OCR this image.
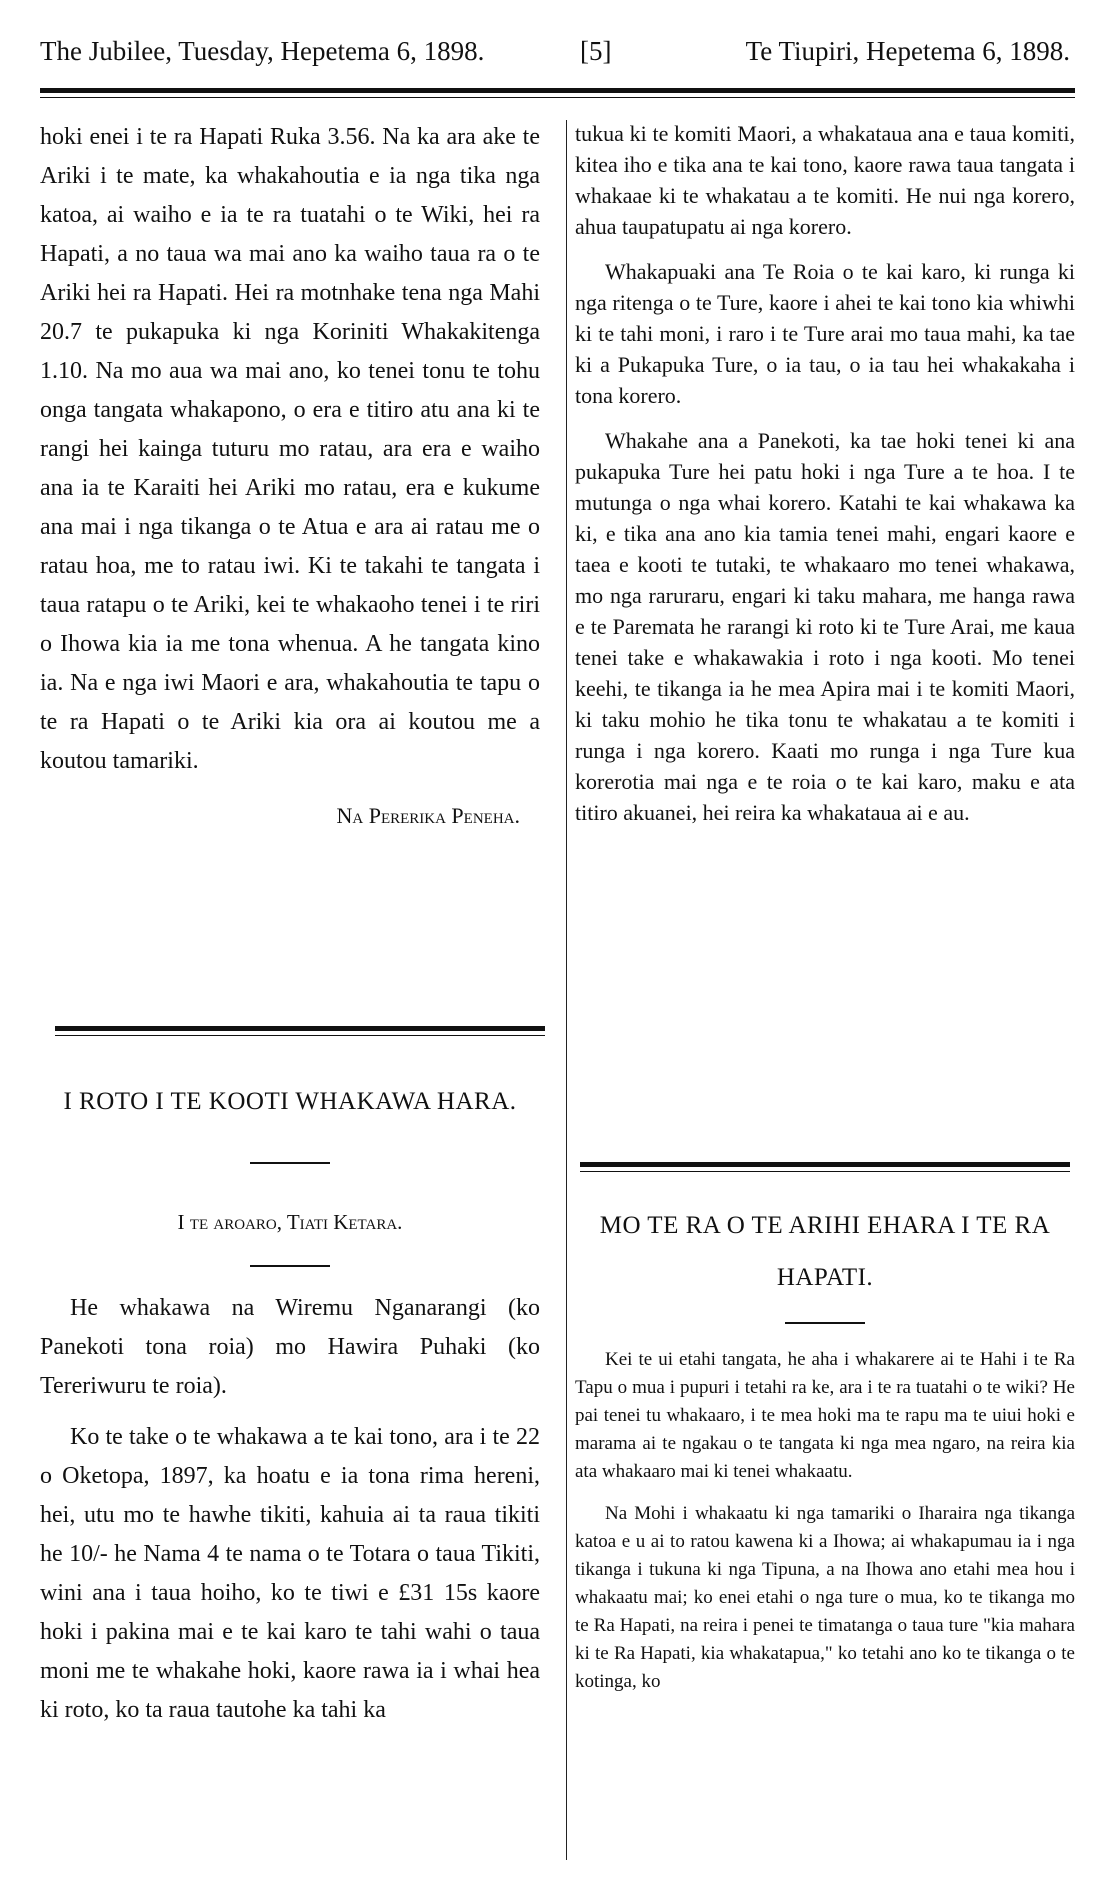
The Jubilee, Tuesday, Hepetema 6, 1898.	[5]	Te Tiupiri, Hepetema 6, 1898.

hoki enei i te ra Hapati Ruka 3.56. Na ka ara ake te Ariki i te mate, ka whakahoutia e ia nga tika nga katoa, ai waiho e ia te ra tuatahi o te Wiki, hei ra Hapati, a no taua wa mai ano ka waiho taua ra o te Ariki hei ra Hapati. Hei ra motnhake tena nga Mahi 20.7 te pukapuka ki nga Koriniti Whakakitenga 1.10. Na mo aua wa mai ano, ko tenei tonu te tohu onga tangata whakapono, o era e titiro atu ana ki te rangi hei kainga tuturu mo ratau, ara era e waiho ana ia te Karaiti hei Ariki mo ratau, era e kukume ana mai i nga tikanga o te Atua e ara ai ratau me o ratau hoa, me to ratau iwi. Ki te takahi te tangata i taua ratapu o te Ariki, kei te whakaoho tenei i te riri o Ihowa kia ia me tona whenua. A he tangata kino ia. Na e nga iwi Maori e ara, whakahoutia te tapu o te ra Hapati o te Ariki kia ora ai koutou me a koutou tamariki.

Na Pererika Peneha.

I ROTO I TE KOOTI WHAKAWA HARA.
I te aroaro, Tiati Ketara.

He whakawa na Wiremu Nganarangi (ko Panekoti tona roia) mo Hawira Puhaki (ko Tereriwuru te roia).

Ko te take o te whakawa a te kai tono, ara i te 22 o Oketopa, 1897, ka hoatu e ia tona rima hereni, hei, utu mo te hawhe tikiti, kahuia ai ta raua tikiti he 10/- he Nama 4 te nama o te Totara o taua Tikiti, wini ana i taua hoiho, ko te tiwi e £31 15s kaore hoki i pakina mai e te kai karo te tahi wahi o taua moni me te whakahe hoki, kaore rawa ia i whai hea ki roto, ko ta raua tautohe ka tahi ka

tukua ki te komiti Maori, a whakataua ana e taua komiti, kitea iho e tika ana te kai tono, kaore rawa taua tangata i whakaae ki te whakatau a te komiti. He nui nga korero, ahua taupatupatu ai nga korero.

Whakapuaki ana Te Roia o te kai karo, ki runga ki nga ritenga o te Ture, kaore i ahei te kai tono kia whiwhi ki te tahi moni, i raro i te Ture arai mo taua mahi, ka tae ki a Pukapuka Ture, o ia tau, o ia tau hei whakakaha i tona korero.

Whakahe ana a Panekoti, ka tae hoki tenei ki ana pukapuka Ture hei patu hoki i nga Ture a te hoa. I te mutunga o nga whai korero. Katahi te kai whakawa ka ki, e tika ana ano kia tamia tenei mahi, engari kaore e taea e kooti te tutaki, te whakaaro mo tenei whakawa, mo nga raruraru, engari ki taku mahara, me hanga rawa e te Paremata he rarangi ki roto ki te Ture Arai, me kaua tenei take e whakawakia i roto i nga kooti. Mo tenei keehi, te tikanga ia he mea Apira mai i te komiti Maori, ki taku mohio he tika tonu te whakatau a te komiti i runga i nga korero. Kaati mo runga i nga Ture kua korerotia mai nga e te roia o te kai karo, maku e ata titiro akuanei, hei reira ka whakataua ai e au.

MO TE RA O TE ARIHI EHARA I TE RA HAPATI.

Kei te ui etahi tangata, he aha i whakarere ai te Hahi i te Ra Tapu o mua i pupuri i tetahi ra ke, ara i te ra tuatahi o te wiki? He pai tenei tu whakaaro, i te mea hoki ma te rapu ma te uiui hoki e marama ai te ngakau o te tangata ki nga mea ngaro, na reira kia ata whakaaro mai ki tenei whakaatu.

Na Mohi i whakaatu ki nga tamariki o Iharaira nga tikanga katoa e u ai to ratou kawena ki a Ihowa; ai whakapumau ia i nga tikanga i tukuna ki nga Tipuna, a na Ihowa ano etahi mea hou i whakaatu mai; ko enei etahi o nga ture o mua, ko te tikanga mo te Ra Hapati, na reira i penei te timatanga o taua ture "kia mahara ki te Ra Hapati, kia whakatapua," ko tetahi ano ko te tikanga o te kotinga, ko
